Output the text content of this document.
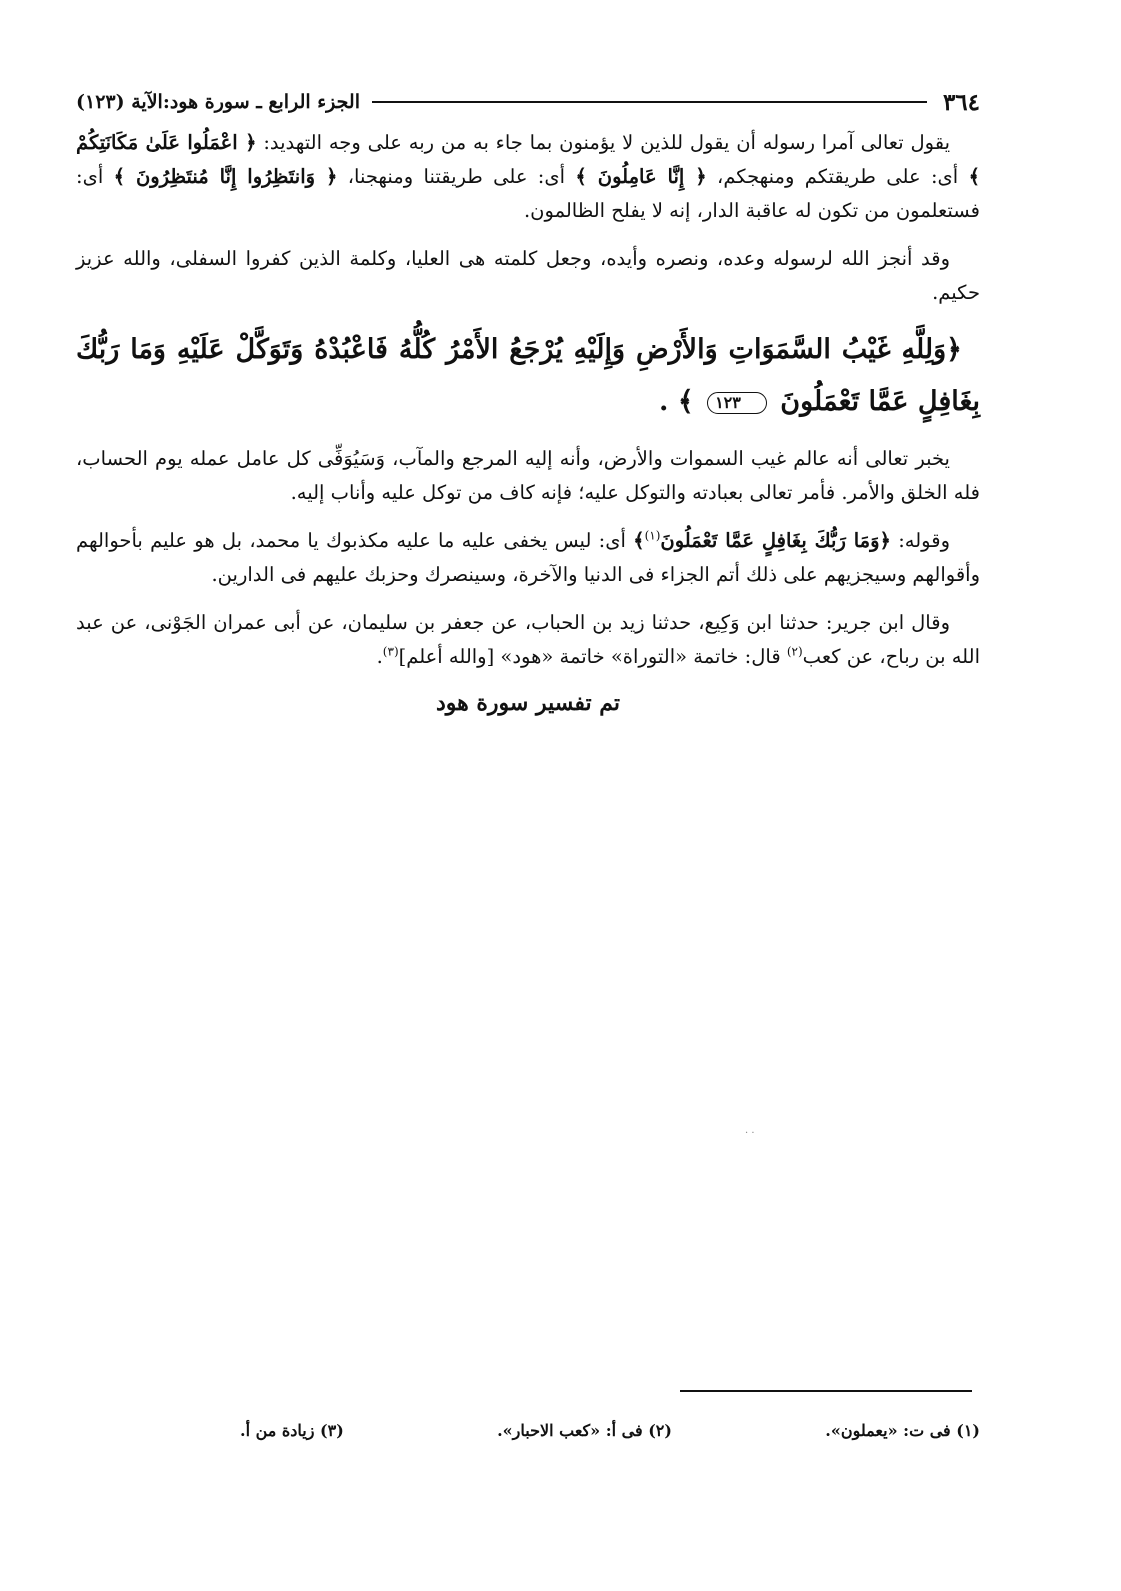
٣٦٤
الجزء الرابع ـ سورة هود:الآية (١٢٣)

يقول تعالى آمرا رسوله أن يقول للذين لا يؤمنون بما جاء به من ربه على وجه التهديد: ﴿ اعْمَلُوا عَلَىٰ مَكَانَتِكُمْ ﴾ أى: على طريقتكم ومنهجكم، ﴿ إِنَّا عَامِلُونَ ﴾ أى: على طريقتنا ومنهجنا، ﴿ وَانتَظِرُوا إِنَّا مُنتَظِرُونَ ﴾ أى: فستعلمون من تكون له عاقبة الدار، إنه لا يفلح الظالمون.

وقد أنجز الله لرسوله وعده، ونصره وأيده، وجعل كلمته هى العليا، وكلمة الذين كفروا السفلى، والله عزيز حكيم.

﴿وَلِلَّهِ غَيْبُ السَّمَوَاتِ وَالأَرْضِ وَإِلَيْهِ يُرْجَعُ الأَمْرُ كُلُّهُ فَاعْبُدْهُ وَتَوَكَّلْ عَلَيْهِ وَمَا رَبُّكَ بِغَافِلٍ عَمَّا تَعْمَلُونَ ١٢٣ ﴾ .

يخبر تعالى أنه عالم غيب السموات والأرض، وأنه إليه المرجع والمآب، وَسَيُوَفِّى كل عامل عمله يوم الحساب، فله الخلق والأمر. فأمر تعالى بعبادته والتوكل عليه؛ فإنه كاف من توكل عليه وأناب إليه.

وقوله: ﴿وَمَا رَبُّكَ بِغَافِلٍ عَمَّا تَعْمَلُونَ$^{(١)}$﴾ أى: ليس يخفى عليه ما عليه مكذبوك يا محمد، بل هو عليم بأحوالهم وأقوالهم وسيجزيهم على ذلك أتم الجزاء فى الدنيا والآخرة، وسينصرك وحزبك عليهم فى الدارين.

وقال ابن جرير: حدثنا ابن وَكِيع، حدثنا زيد بن الحباب، عن جعفر بن سليمان، عن أبى عمران الجَوْنى، عن عبد الله بن رباح، عن كعب$^{(٢)}$ قال: خاتمة «التوراة» خاتمة «هود» [والله أعلم]$^{(٣)}$.

تم تفسير سورة هود
· ·
(١) فى ت: «يعملون».
(٢) فى أ: «كعب الاحبار».
(٣) زيادة من أ.
